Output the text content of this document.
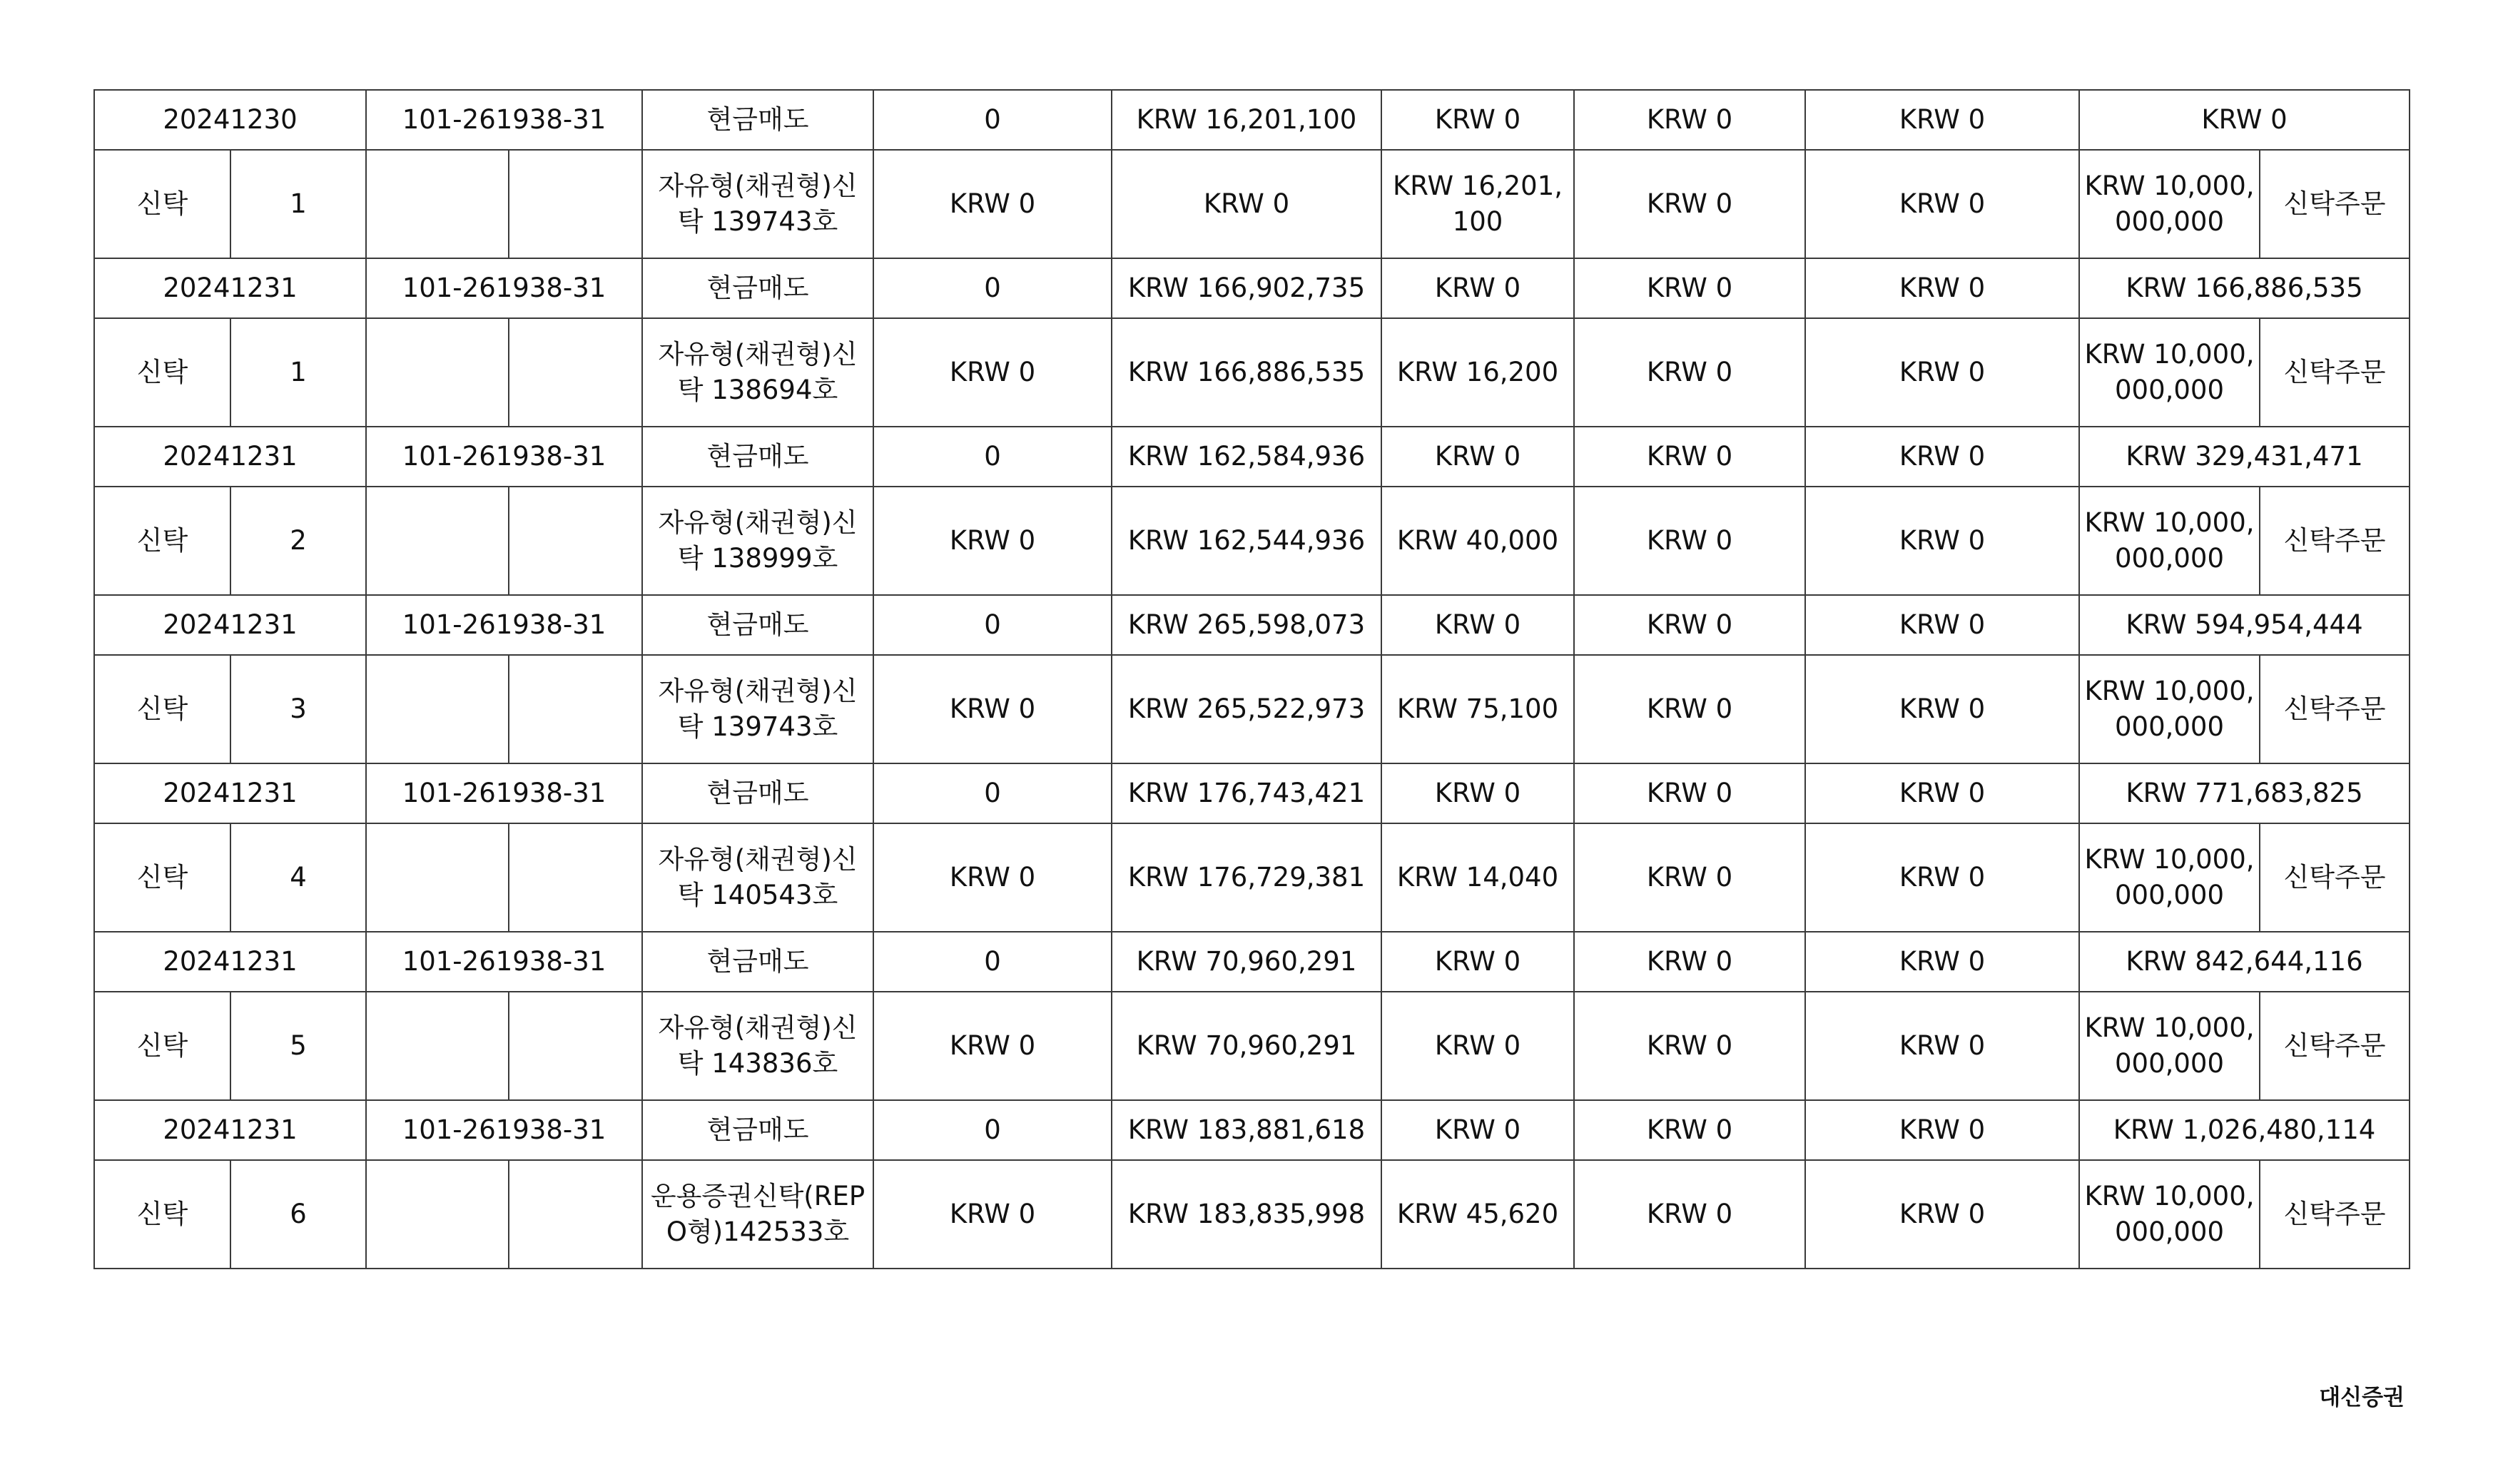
20241230		101-261938-31		현금매도	0	KRW 16,201,100	KRW 0	KRW 0	KRW 0	KRW 0	
신탁	1			자유형(채권형)신탁 139743호	KRW 0	KRW 0	KRW 16,201,100	KRW 0	KRW 0	KRW 10,000,000,000	신탁주문
20241231		101-261938-31		현금매도	0	KRW 166,902,735	KRW 0	KRW 0	KRW 0	KRW 166,886,535	
신탁	1			자유형(채권형)신탁 138694호	KRW 0	KRW 166,886,535	KRW 16,200	KRW 0	KRW 0	KRW 10,000,000,000	신탁주문
20241231		101-261938-31		현금매도	0	KRW 162,584,936	KRW 0	KRW 0	KRW 0	KRW 329,431,471	
신탁	2			자유형(채권형)신탁 138999호	KRW 0	KRW 162,544,936	KRW 40,000	KRW 0	KRW 0	KRW 10,000,000,000	신탁주문
20241231		101-261938-31		현금매도	0	KRW 265,598,073	KRW 0	KRW 0	KRW 0	KRW 594,954,444	
신탁	3			자유형(채권형)신탁 139743호	KRW 0	KRW 265,522,973	KRW 75,100	KRW 0	KRW 0	KRW 10,000,000,000	신탁주문
20241231		101-261938-31		현금매도	0	KRW 176,743,421	KRW 0	KRW 0	KRW 0	KRW 771,683,825	
신탁	4			자유형(채권형)신탁 140543호	KRW 0	KRW 176,729,381	KRW 14,040	KRW 0	KRW 0	KRW 10,000,000,000	신탁주문
20241231		101-261938-31		현금매도	0	KRW 70,960,291	KRW 0	KRW 0	KRW 0	KRW 842,644,116	
신탁	5			자유형(채권형)신탁 143836호	KRW 0	KRW 70,960,291	KRW 0	KRW 0	KRW 0	KRW 10,000,000,000	신탁주문
20241231		101-261938-31		현금매도	0	KRW 183,881,618	KRW 0	KRW 0	KRW 0	KRW 1,026,480,114	
신탁	6			운용증권신탁(REPO형)142533호	KRW 0	KRW 183,835,998	KRW 45,620	KRW 0	KRW 0	KRW 10,000,000,000	신탁주문
대신증권
